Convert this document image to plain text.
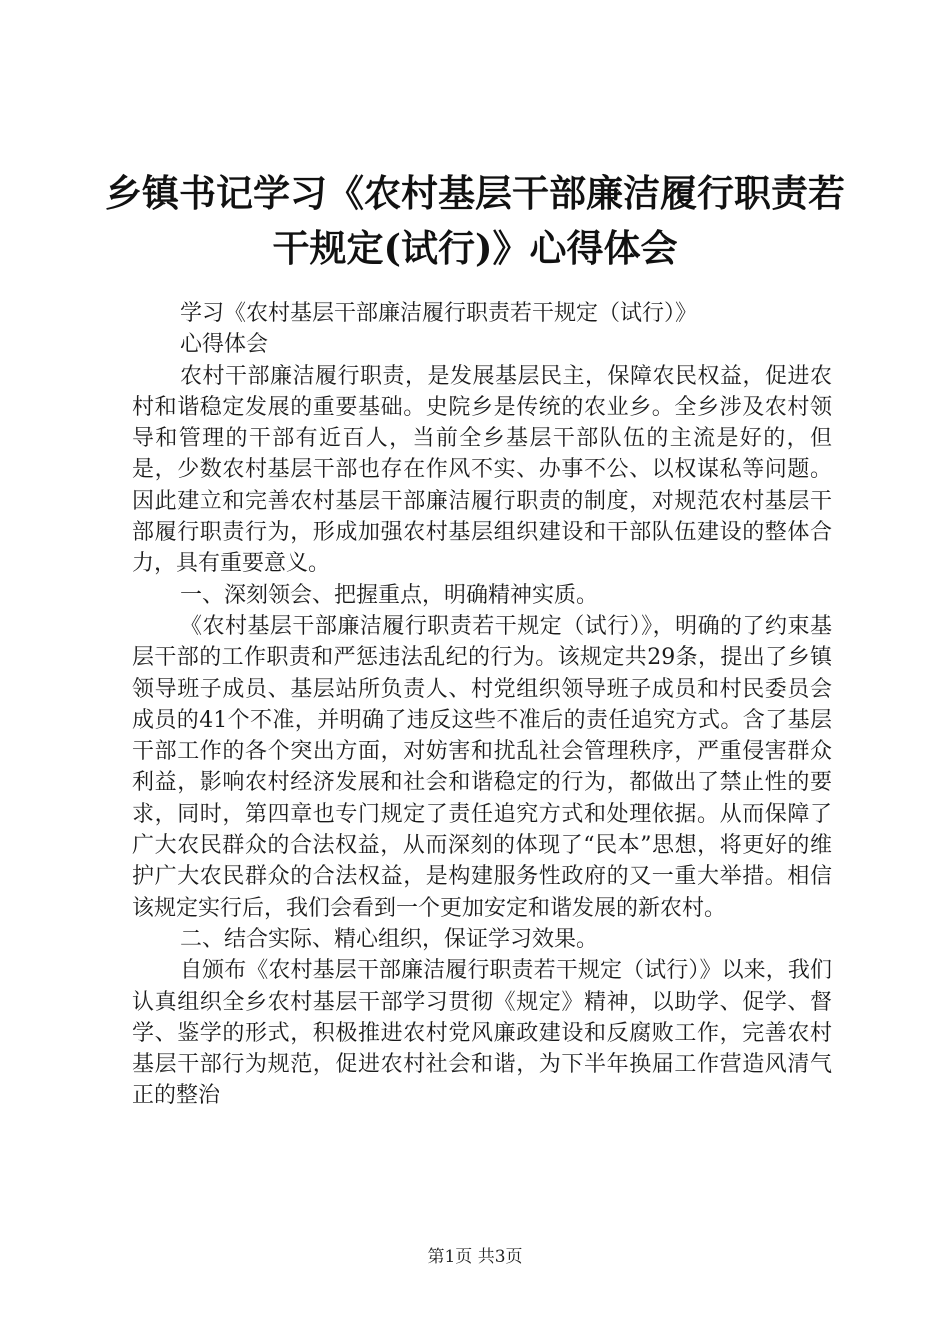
乡镇书记学习《农村基层干部廉洁履行职责若
干规定(试行)》心得体会

学习《农村基层干部廉洁履行职责若干规定（试行）》

心得体会

农村干部廉洁履行职责，是发展基层民主，保障农民权益，促进农村和谐稳定发展的重要基础。史院乡是传统的农业乡。全乡涉及农村领导和管理的干部有近百人，当前全乡基层干部队伍的主流是好的，但是，少数农村基层干部也存在作风不实、办事不公、以权谋私等问题。因此建立和完善农村基层干部廉洁履行职责的制度，对规范农村基层干部履行职责行为，形成加强农村基层组织建设和干部队伍建设的整体合力，具有重要意义。

一、深刻领会、把握重点，明确精神实质。

《农村基层干部廉洁履行职责若干规定（试行）》，明确的了约束基层干部的工作职责和严惩违法乱纪的行为。该规定共29条，提出了乡镇领导班子成员、基层站所负责人、村党组织领导班子成员和村民委员会成员的41个不准，并明确了违反这些不准后的责任追究方式。含了基层干部工作的各个突出方面，对妨害和扰乱社会管理秩序，严重侵害群众利益，影响农村经济发展和社会和谐稳定的行为，都做出了禁止性的要求，同时，第四章也专门规定了责任追究方式和处理依据。从而保障了广大农民群众的合法权益，从而深刻的体现了“民本”思想，将更好的维护广大农民群众的合法权益，是构建服务性政府的又一重大举措。相信该规定实行后，我们会看到一个更加安定和谐发展的新农村。

二、结合实际、精心组织，保证学习效果。

自颁布《农村基层干部廉洁履行职责若干规定（试行）》以来，我们认真组织全乡农村基层干部学习贯彻《规定》精神，以助学、促学、督学、鉴学的形式，积极推进农村党风廉政建设和反腐败工作，完善农村基层干部行为规范，促进农村社会和谐，为下半年换届工作营造风清气正的整治

第1页 共3页
